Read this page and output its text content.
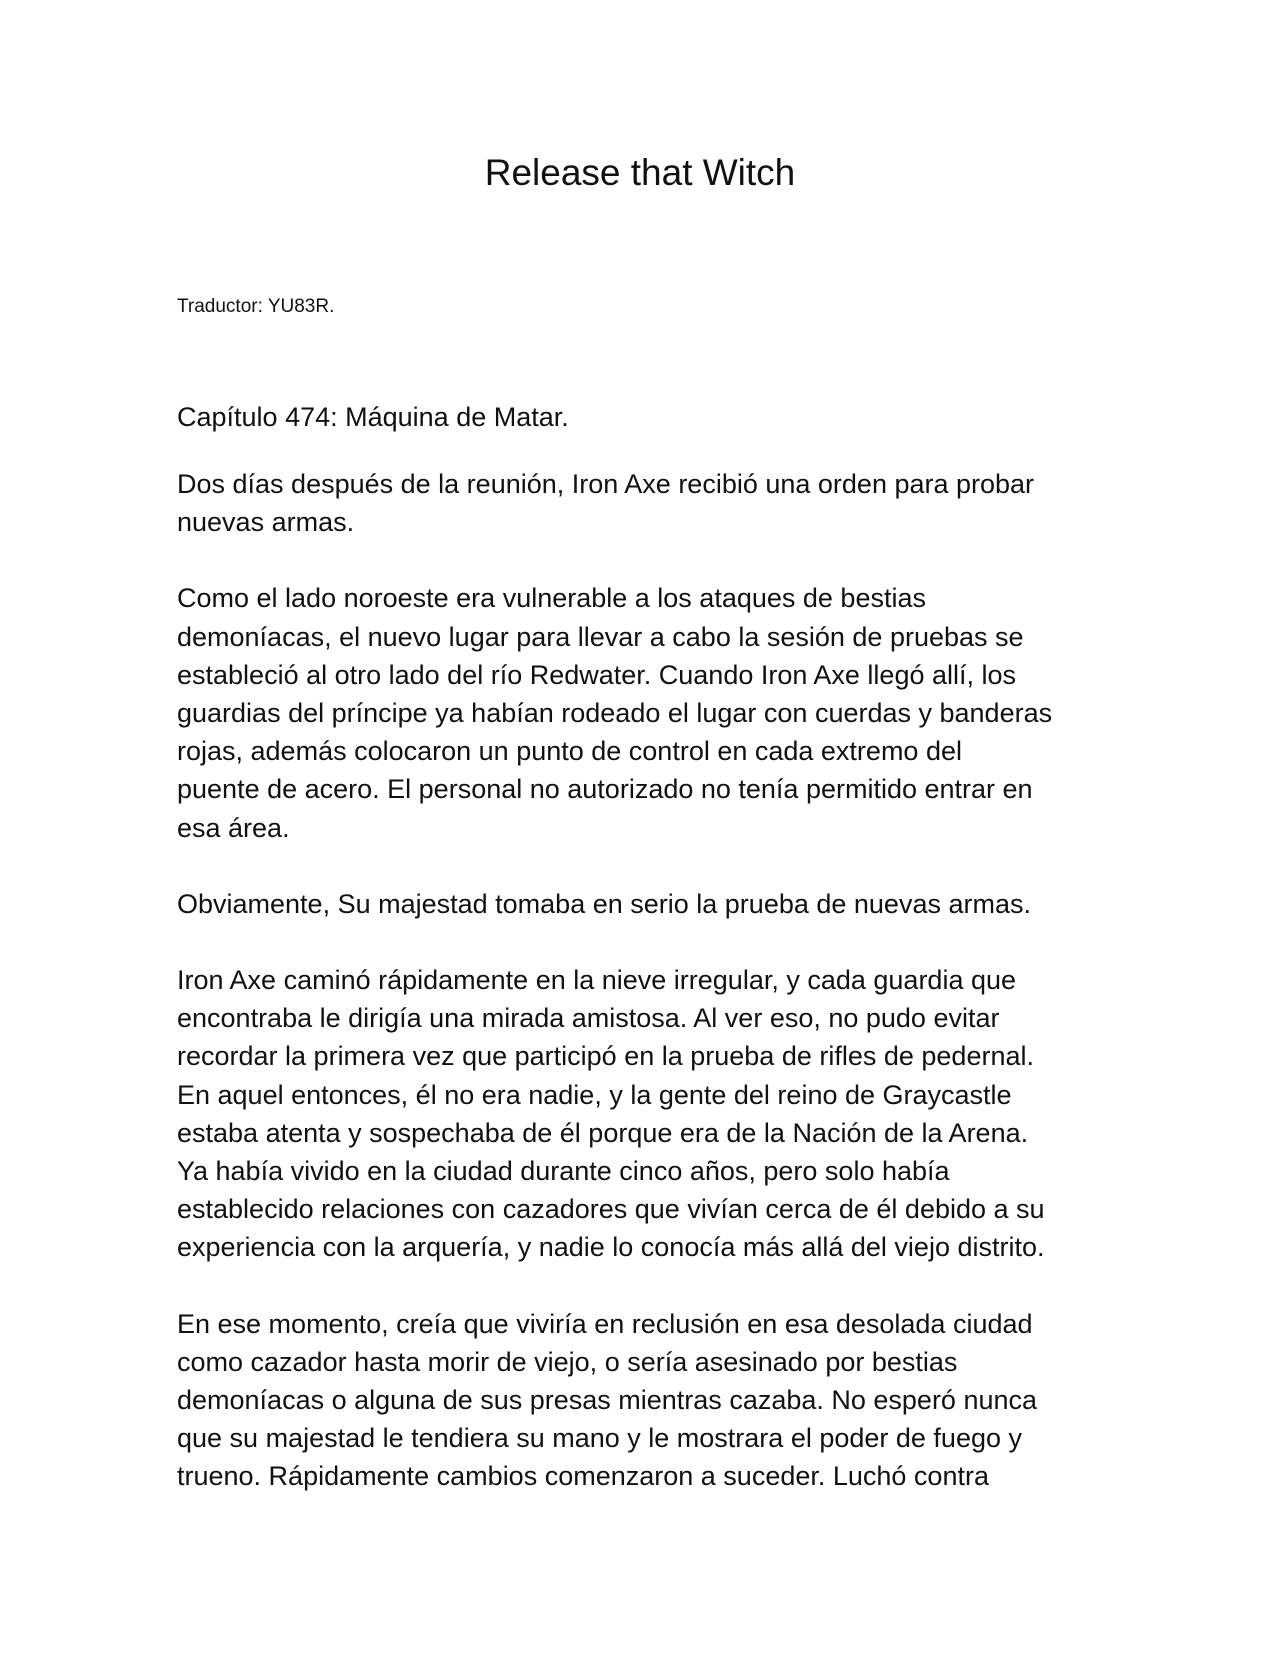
Release that Witch

Traductor: YU83R.

Capítulo 474: Máquina de Matar.

Dos días después de la reunión, Iron Axe recibió una orden para probar
nuevas armas.

Como el lado noroeste era vulnerable a los ataques de bestias
demoníacas, el nuevo lugar para llevar a cabo la sesión de pruebas se
estableció al otro lado del río Redwater. Cuando Iron Axe llegó allí, los
guardias del príncipe ya habían rodeado el lugar con cuerdas y banderas
rojas, además colocaron un punto de control en cada extremo del
puente de acero. El personal no autorizado no tenía permitido entrar en
esa área.

Obviamente, Su majestad tomaba en serio la prueba de nuevas armas.

Iron Axe caminó rápidamente en la nieve irregular, y cada guardia que
encontraba le dirigía una mirada amistosa. Al ver eso, no pudo evitar
recordar la primera vez que participó en la prueba de rifles de pedernal.
En aquel entonces, él no era nadie, y la gente del reino de Graycastle
estaba atenta y sospechaba de él porque era de la Nación de la Arena.
Ya había vivido en la ciudad durante cinco años, pero solo había
establecido relaciones con cazadores que vivían cerca de él debido a su
experiencia con la arquería, y nadie lo conocía más allá del viejo distrito.

En ese momento, creía que viviría en reclusión en esa desolada ciudad
como cazador hasta morir de viejo, o sería asesinado por bestias
demoníacas o alguna de sus presas mientras cazaba. No esperó nunca
que su majestad le tendiera su mano y le mostrara el poder de fuego y
trueno. Rápidamente cambios comenzaron a suceder. Luchó contra
